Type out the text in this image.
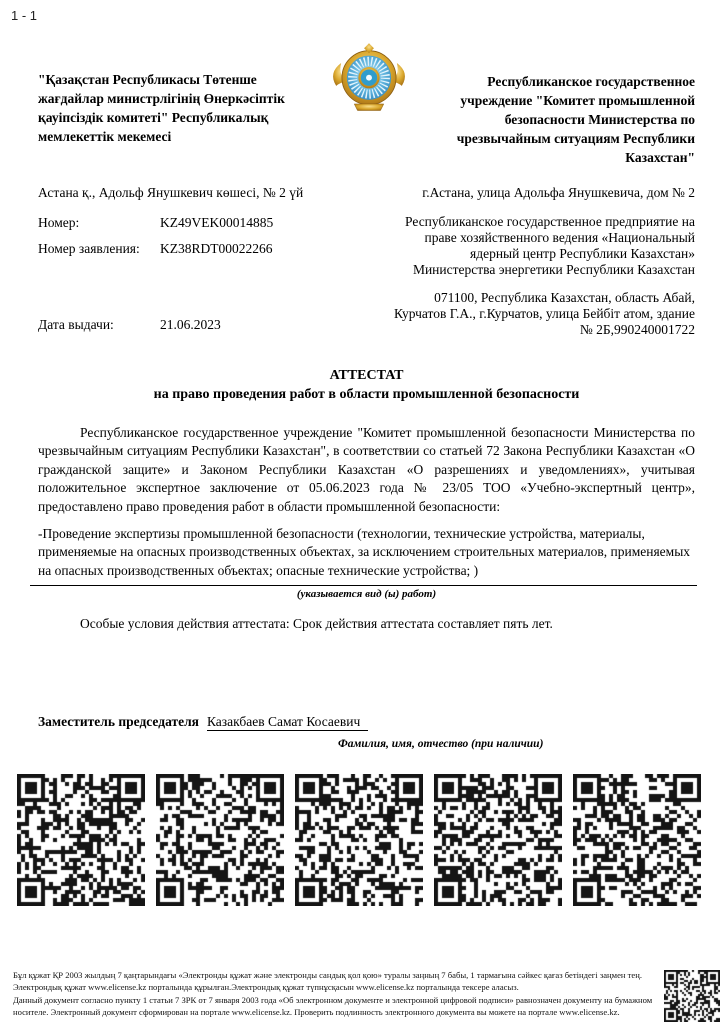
1 - 1
"Қазақстан Республикасы Төтенше жағдайлар министрлігінің Өнеркәсіптік қауіпсіздік комитеті" Республикалық мемлекеттік мекемесі
Республиканское государственное учреждение "Комитет промышленной безопасности Министерства по чрезвычайным ситуациям Республики Казахстан"
Астана қ., Адольф Янушкевич көшесі, № 2 үй
Номер:	KZ49VEK00014885
Номер заявления:	KZ38RDT00022266
Дата выдачи:	21.06.2023
г.Астана, улица Адольфа Янушкевича, дом № 2
Республиканское государственное предприятие на праве хозяйственного ведения «Национальный ядерный центр Республики Казахстан» Министерства энергетики Республики Казахстан
071100, Республика Казахстан, область Абай, Курчатов Г.А., г.Курчатов, улица Бейбіт атом, здание № 2Б,990240001722
АТТЕСТАТ
на право проведения работ в области промышленной безопасности
Республиканское государственное учреждение "Комитет промышленной безопасности Министерства по чрезвычайным ситуациям Республики Казахстан", в соответствии со статьей 72 Закона Республики Казахстан «О гражданской защите» и Законом Республики Казахстан «О разрешениях и уведомлениях», учитывая положительное экспертное заключение от 05.06.2023 года № 23/05 ТОО «Учебно-экспертный центр», предоставлено право проведения работ в области промышленной безопасности:
-Проведение экспертизы промышленной безопасности (технологии, технические устройства, материалы, применяемые на опасных производственных объектах, за исключением строительных материалов, применяемых на опасных производственных объектах; опасные технические устройства; )
(указывается вид (ы) работ)
Особые условия действия аттестата: Срок действия аттестата составляет пять лет.
Заместитель председателя Казакбаев Самат Косаевич
Фамилия, имя, отчество (при наличии)

Бұл құжат ҚР 2003 жылдың 7 қаңтарындағы «Электронды құжат және электронды сандық қол қою» туралы заңның 7 бабы, 1 тармағына сәйкес қағаз бетіндегі заңмен тең.

Электрондық құжат www.elicense.kz порталында құрылған.Электрондық құжат түпнұсқасын www.elicense.kz порталында тексере аласыз.

Данный документ согласно пункту 1 статьи 7 ЗРК от 7 января 2003 года «Об электронном документе и электронной цифровой подписи» равнозначен документу на бумажном носителе. Электронный документ сформирован на портале www.elicense.kz. Проверить подлинность электронного документа вы можете на портале www.elicense.kz.
